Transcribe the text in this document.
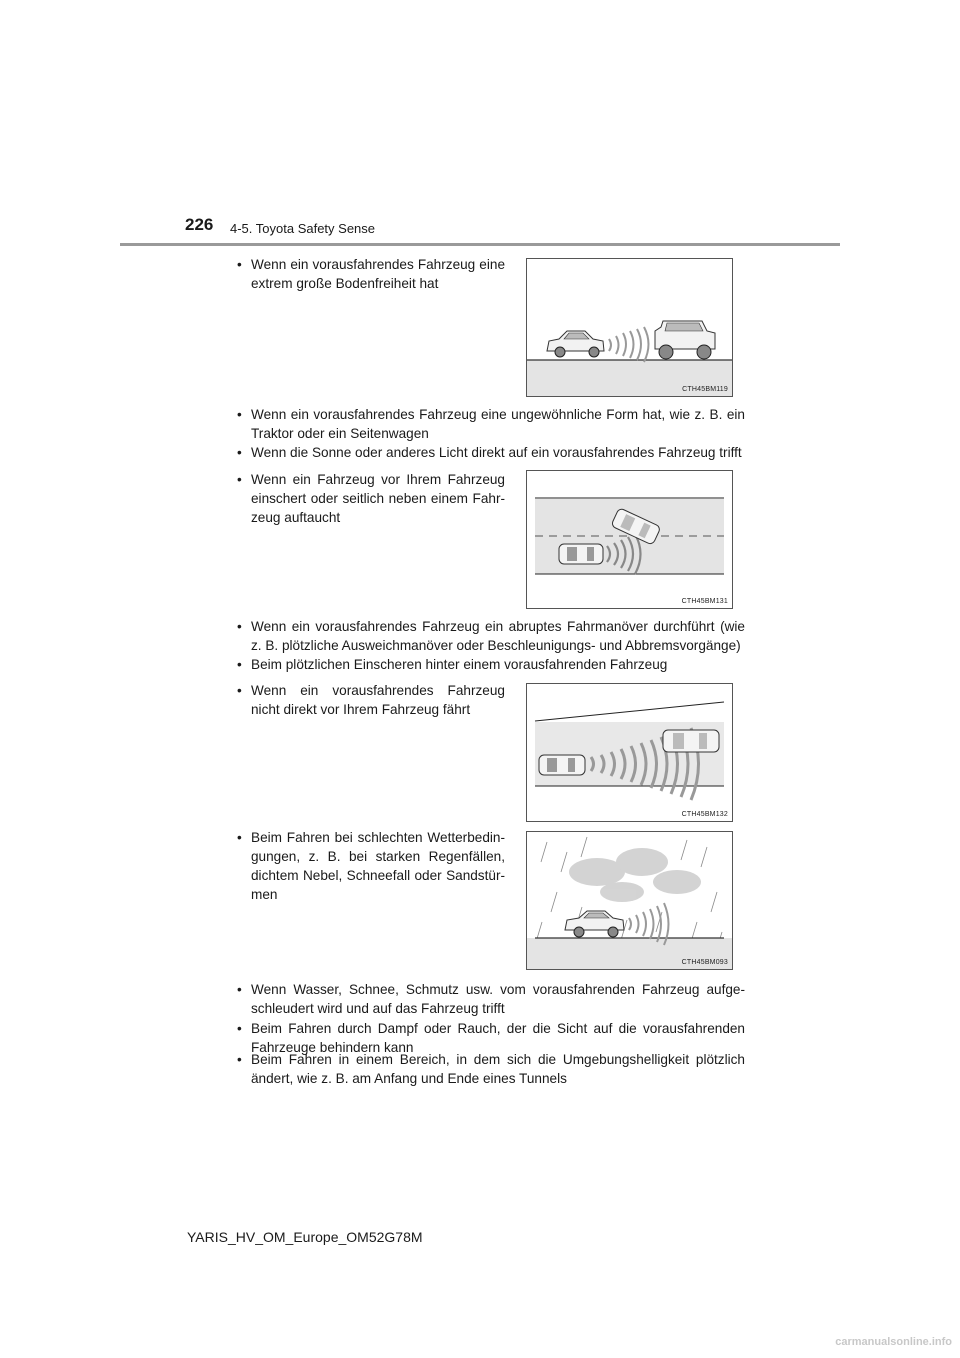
226 4-5. Toyota Safety Sense
• Wenn ein vorausfahrendes Fahrzeug eine extrem große Bodenfreiheit hat
CTH45BM119
• Wenn ein vorausfahrendes Fahrzeug eine ungewöhnliche Form hat, wie z. B. ein Traktor oder ein Seitenwagen
• Wenn die Sonne oder anderes Licht direkt auf ein vorausfahrendes Fahrzeug trifft
• Wenn ein Fahrzeug vor Ihrem Fahrzeug einschert oder seitlich neben einem Fahr-zeug auftaucht
CTH45BM131
• Wenn ein vorausfahrendes Fahrzeug ein abruptes Fahrmanöver durchführt (wie z. B. plötzliche Ausweichmanöver oder Beschleunigungs- und Abbremsvorgänge)
• Beim plötzlichen Einscheren hinter einem vorausfahrenden Fahrzeug
• Wenn ein vorausfahrendes Fahrzeug nicht direkt vor Ihrem Fahrzeug fährt
CTH45BM132
• Beim Fahren bei schlechten Wetterbedin-gungen, z. B. bei starken Regenfällen, dichtem Nebel, Schneefall oder Sandstür-men
CTH45BM093
• Wenn Wasser, Schnee, Schmutz usw. vom vorausfahrenden Fahrzeug aufge-schleudert wird und auf das Fahrzeug trifft
• Beim Fahren durch Dampf oder Rauch, der die Sicht auf die vorausfahrenden Fahrzeuge behindern kann
• Beim Fahren in einem Bereich, in dem sich die Umgebungshelligkeit plötzlich ändert, wie z. B. am Anfang und Ende eines Tunnels
YARIS_HV_OM_Europe_OM52G78M
carmanualsonline.info
